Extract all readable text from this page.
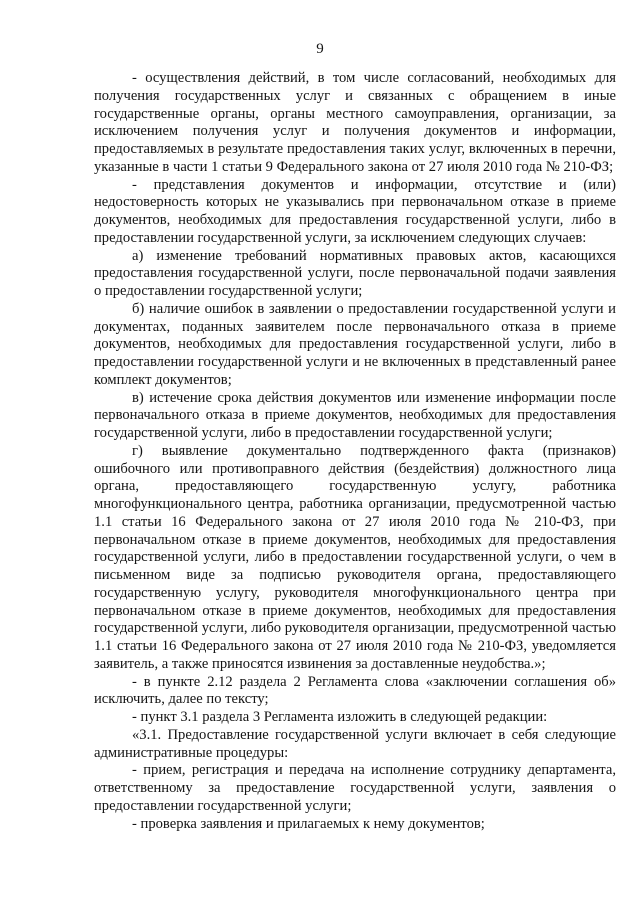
9

- осуществления действий, в том числе согласований, необходимых для получения государственных услуг и связанных с обращением в иные государственные органы, органы местного самоуправления, организации, за исключением получения услуг и получения документов и информации, предоставляемых в результате предоставления таких услуг, включенных в перечни, указанные в части 1 статьи 9 Федерального закона от 27 июля 2010 года № 210-ФЗ;

- представления документов и информации, отсутствие и (или) недостоверность которых не указывались при первоначальном отказе в приеме документов, необходимых для предоставления государственной услуги, либо в предоставлении государственной услуги, за исключением следующих случаев:

а) изменение требований нормативных правовых актов, касающихся предоставления государственной услуги, после первоначальной подачи заявления о предоставлении государственной услуги;

б) наличие ошибок в заявлении о предоставлении государственной услуги и документах, поданных заявителем после первоначального отказа в приеме документов, необходимых для предоставления государственной услуги, либо в предоставлении государственной услуги и не включенных в представленный ранее комплект документов;

в) истечение срока действия документов или изменение информации после первоначального отказа в приеме документов, необходимых для предоставления государственной услуги, либо в предоставлении государственной услуги;

г) выявление документально подтвержденного факта (признаков) ошибочного или противоправного действия (бездействия) должностного лица органа, предоставляющего государственную услугу, работника многофункционального центра, работника организации, предусмотренной частью 1.1 статьи 16 Федерального закона от 27 июля 2010 года № 210-ФЗ, при первоначальном отказе в приеме документов, необходимых для предоставления государственной услуги, либо в предоставлении государственной услуги, о чем в письменном виде за подписью руководителя органа, предоставляющего государственную услугу, руководителя многофункционального центра при первоначальном отказе в приеме документов, необходимых для предоставления государственной услуги, либо руководителя организации, предусмотренной частью 1.1 статьи 16 Федерального закона от 27 июля 2010 года № 210-ФЗ, уведомляется заявитель, а также приносятся извинения за доставленные неудобства.»;

- в пункте 2.12 раздела 2 Регламента слова «заключении соглашения об» исключить, далее по тексту;

- пункт 3.1 раздела 3 Регламента изложить в следующей редакции:

«3.1. Предоставление государственной услуги включает в себя следующие административные процедуры:

- прием, регистрация и передача на исполнение сотруднику департамента, ответственному за предоставление государственной услуги, заявления о предоставлении государственной услуги;

- проверка заявления и прилагаемых к нему документов;
